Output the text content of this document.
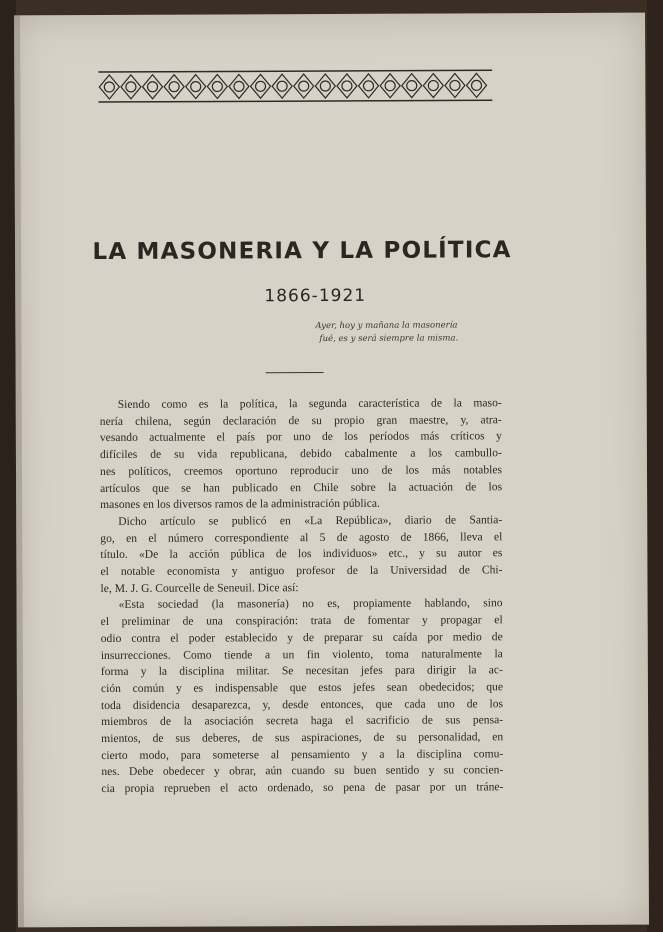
LA MASONERIA Y LA POLÍTICA
1866-1921
Ayer, hoy y mañana la masonería
fué, es y será siempre la misma.
Siendo como es la política, la segunda característica de la maso-
nería chilena, según declaración de su propio gran maestre, y, atra-
vesando actualmente el país por uno de los períodos más críticos y
difíciles de su vida republicana, debido cabalmente a los cambullo-
nes políticos, creemos oportuno reproducir uno de los más notables
artículos que se han publicado en Chile sobre la actuación de los
masones en los diversos ramos de la administración pública.
Dicho artículo se publicó en «La República», diario de Santia-
go, en el número correspondiente al 5 de agosto de 1866, lleva el
título. «De la acción pública de los individuos» etc., y su autor es
el notable economista y antiguo profesor de la Universidad de Chi-
le, M. J. G. Courcelle de Seneuil. Dice así:
«Esta sociedad (la masonería) no es, propiamente hablando, sino
el preliminar de una conspiración: trata de fomentar y propagar el
odio contra el poder establecido y de preparar su caída por medio de
insurrecciones. Como tiende a un fin violento, toma naturalmente la
forma y la disciplina militar. Se necesitan jefes para dirigir la ac-
ción común y es indispensable que estos jefes sean obedecidos; que
toda disidencia desaparezca, y, desde entonces, que cada uno de los
miembros de la asociación secreta haga el sacrificio de sus pensa-
mientos, de sus deberes, de sus aspiraciones, de su personalidad, en
cierto modo, para someterse al pensamiento y a la disciplina comu-
nes. Debe obedecer y obrar, aún cuando su buen sentido y su concien-
cia propia reprueben el acto ordenado, so pena de pasar por un tráne-
